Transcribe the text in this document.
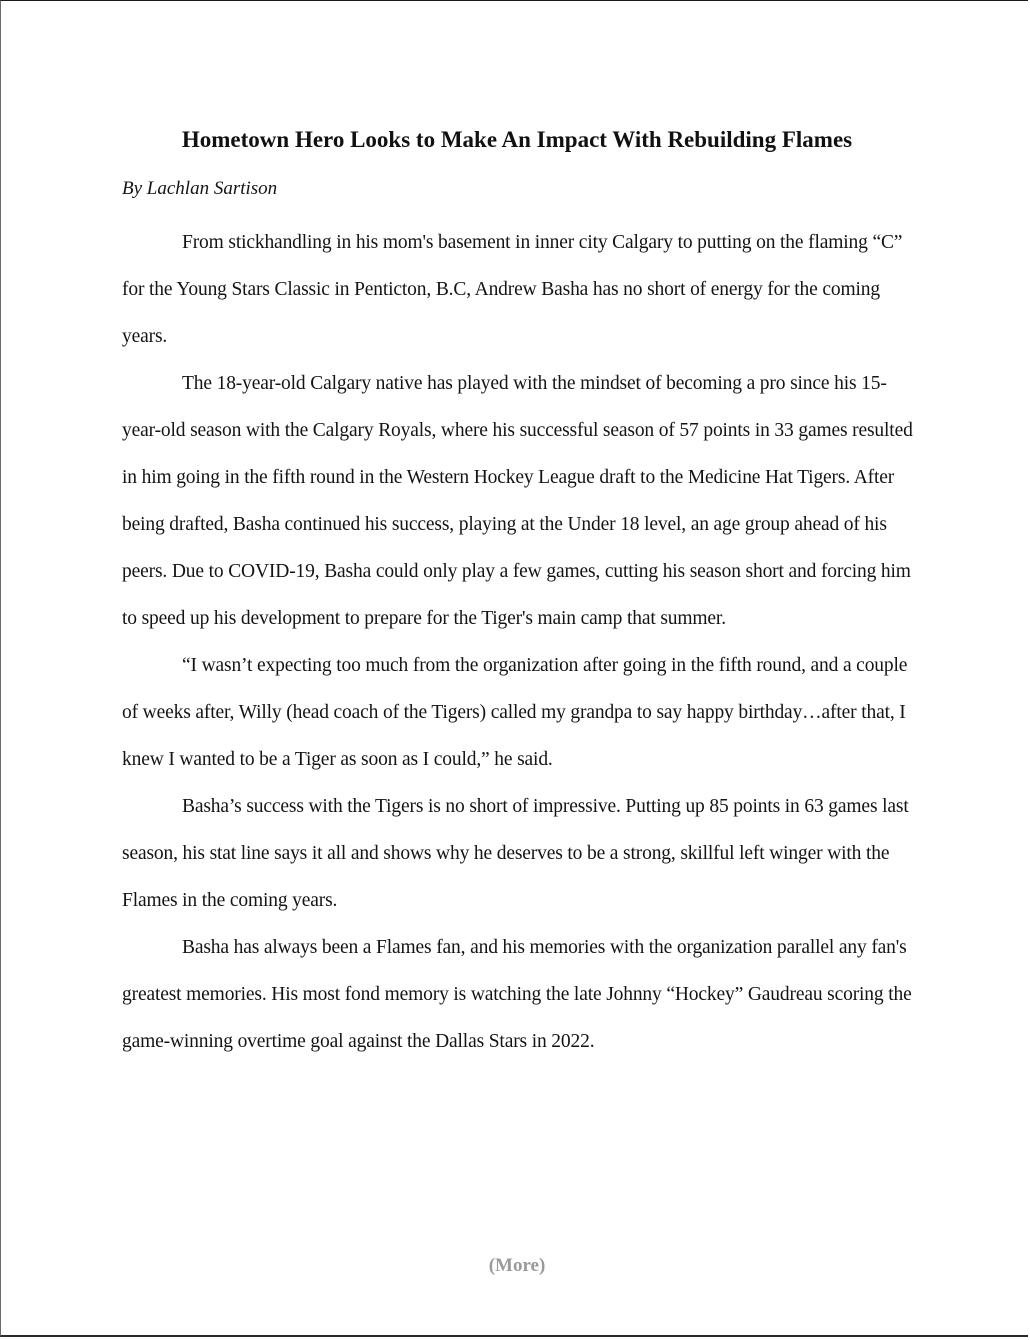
Hometown Hero Looks to Make An Impact With Rebuilding Flames

By Lachlan Sartison

From stickhandling in his mom's basement in inner city Calgary to putting on the flaming “C” for the Young Stars Classic in Penticton, B.C, Andrew Basha has no short of energy for the coming years.

The 18-year-old Calgary native has played with the mindset of becoming a pro since his 15-year-old season with the Calgary Royals, where his successful season of 57 points in 33 games resulted in him going in the fifth round in the Western Hockey League draft to the Medicine Hat Tigers. After being drafted, Basha continued his success, playing at the Under 18 level, an age group ahead of his peers. Due to COVID-19, Basha could only play a few games, cutting his season short and forcing him to speed up his development to prepare for the Tiger's main camp that summer.

“I wasn’t expecting too much from the organization after going in the fifth round, and a couple of weeks after, Willy (head coach of the Tigers) called my grandpa to say happy birthday…after that, I knew I wanted to be a Tiger as soon as I could,” he said.

Basha’s success with the Tigers is no short of impressive. Putting up 85 points in 63 games last season, his stat line says it all and shows why he deserves to be a strong, skillful left winger with the Flames in the coming years.

Basha has always been a Flames fan, and his memories with the organization parallel any fan's greatest memories. His most fond memory is watching the late Johnny “Hockey” Gaudreau scoring the game-winning overtime goal against the Dallas Stars in 2022.

(More)
